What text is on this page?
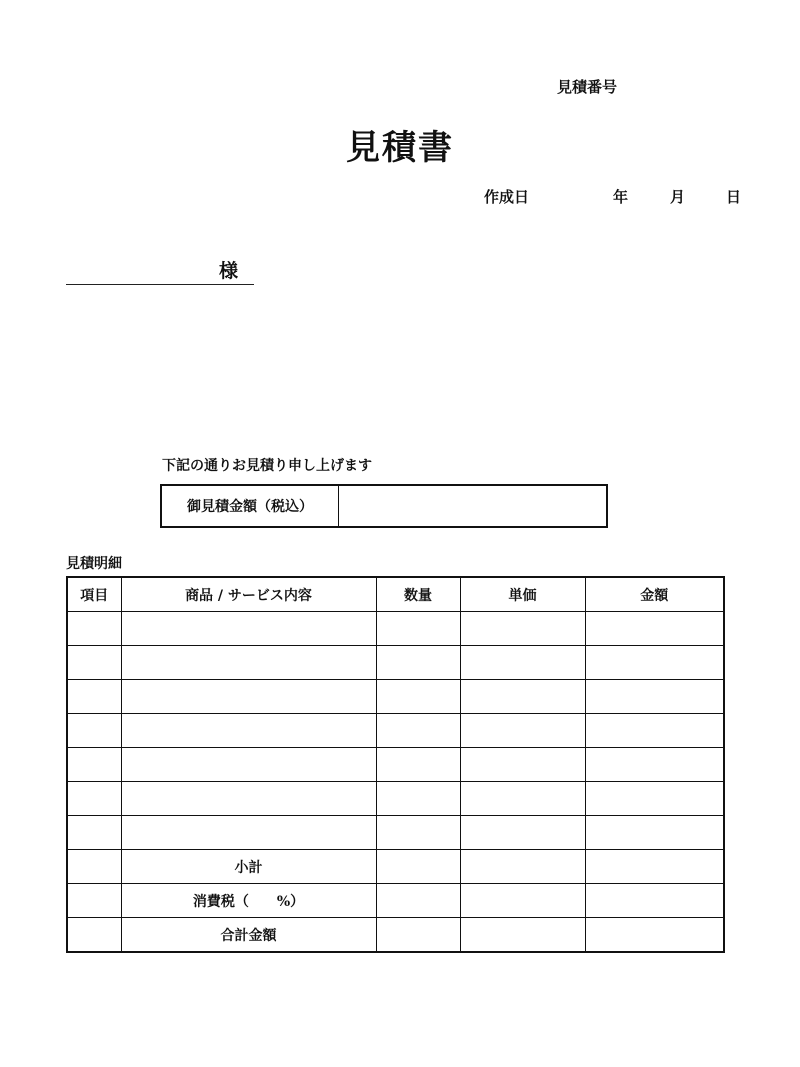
見積番号
見積書
作成日	年	月	日
様
下記の通りお見積り申し上げます
御見積金額（税込）
見積明細
項目	商品 / サービス内容	数量	単価	金額

	小計			
	消費税（　　%）			
	合計金額			
